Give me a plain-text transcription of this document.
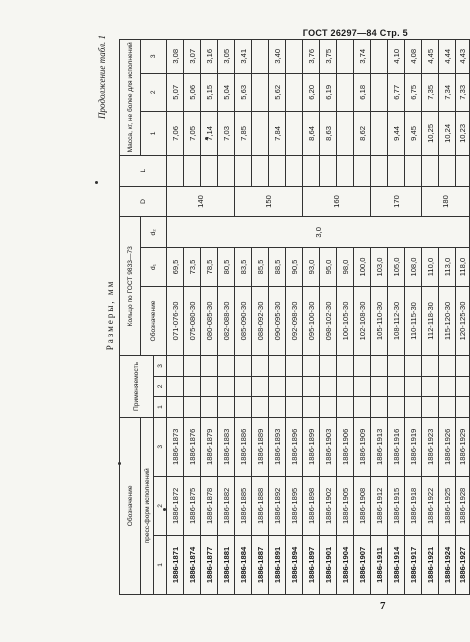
ГОСТ 26297—84 Стр. 5
7
Размеры, мм
Продолжение табл. 1
Обозначение			Применяемость			Кольцо по ГОСТ 9833—73			D	L	Масса, кг, не более для исполнений		
пресс-форм исполнений						Обозначение	d₁	d₂			1	2	3
1	2	3	1	2	3								
1886-1871	1886-1872	1886-1873				071-076-30	69,5	3,0	140		7,06	5,07	3,08
1886-1874	1886-1875	1886-1876				075-080-30	73,5				7,05	5,06	3,07
1886-1877	1886-1878	1886-1879				080-085-30	78,5				7,14	5,15	3,16
1886-1881	1886-1882	1886-1883				082-088-30	80,5				7,03	5,04	3,05
1886-1884	1886-1885	1886-1886				085-090-30	83,5		150		7,85	5,63	3,41
1886-1887	1886-1888	1886-1889				088-092-30	85,5						
1886-1891	1886-1892	1886-1893				090-095-30	88,5				7,84	5,62	3,40
1886-1894	1886-1895	1886-1896				092-098-30	90,5						
1886-1897	1886-1898	1886-1899				095-100-30	93,0		160		8,64	6,20	3,76
1886-1901	1886-1902	1886-1903				098-102-30	95,0				8,63	6,19	3,75
1886-1904	1886-1905	1886-1906				100-105-30	98,0						
1886-1907	1886-1908	1886-1909				102-108-30	100,0				8,62	6,18	3,74
1886-1911	1886-1912	1886-1913				105-110-30	103,0		170				
1886-1914	1886-1915	1886-1916				108-112-30	105,0				9,44	6,77	4,10
1886-1917	1886-1918	1886-1919				110-115-30	108,0				9,45	6,75	4,08
1886-1921	1886-1922	1886-1923				112-118-30	110,0		180		10,25	7,35	4,45
1886-1924	1886-1925	1886-1926				115-120-30	113,0				10,24	7,34	4,44
1886-1927	1886-1928	1886-1929				120-125-30	118,0				10,23	7,33	4,43
